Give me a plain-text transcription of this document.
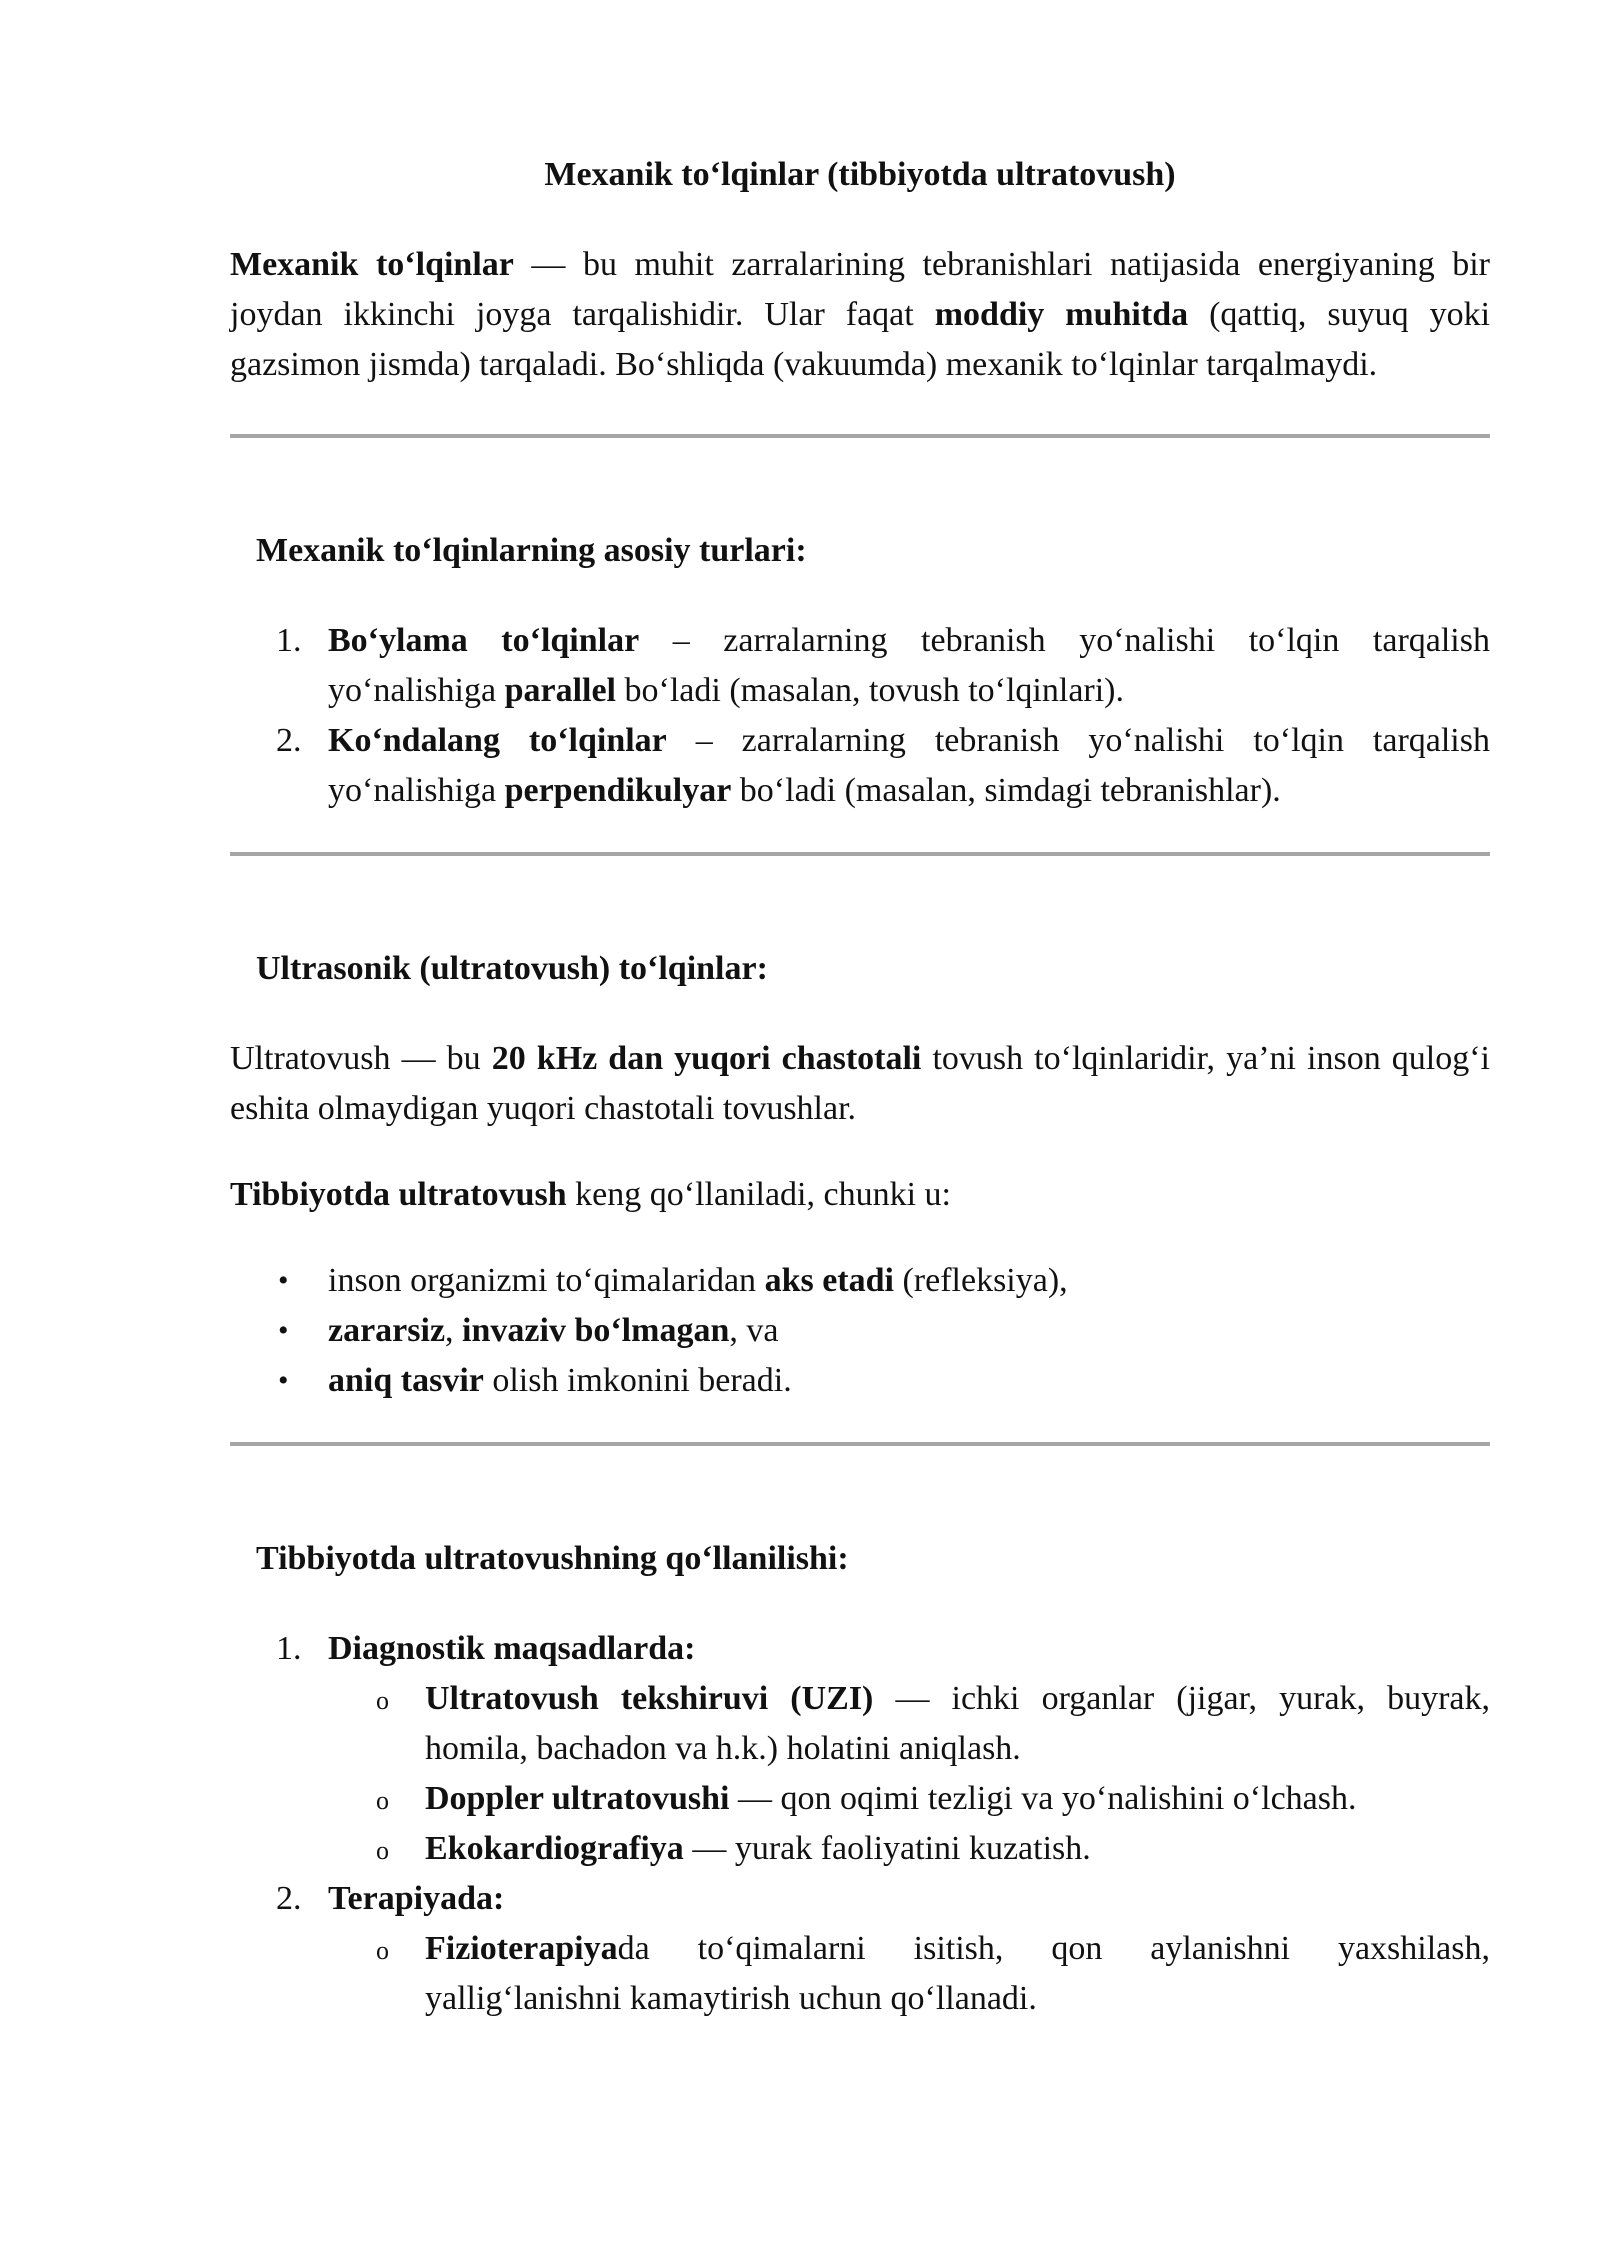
Mexanik to‘lqinlar (tibbiyotda ultratovush)

Mexanik to‘lqinlar — bu muhit zarralarining tebranishlari natijasida energiyaning bir joydan ikkinchi joyga tarqalishidir. Ular faqat moddiy muhitda (qattiq, suyuq yoki gazsimon jismda) tarqaladi. Bo‘shliqda (vakuumda) mexanik to‘lqinlar tarqalmaydi.

Mexanik to‘lqinlarning asosiy turlari:
1. Bo‘ylama to‘lqinlar – zarralarning tebranish yo‘nalishi to‘lqin tarqalish yo‘nalishiga parallel bo‘ladi (masalan, tovush to‘lqinlari).
2. Ko‘ndalang to‘lqinlar – zarralarning tebranish yo‘nalishi to‘lqin tarqalish yo‘nalishiga perpendikulyar bo‘ladi (masalan, simdagi tebranishlar).
Ultrasonik (ultratovush) to‘lqinlar:

Ultratovush — bu 20 kHz dan yuqori chastotali tovush to‘lqinlaridir, ya’ni inson qulog‘i eshita olmaydigan yuqori chastotali tovushlar.

Tibbiyotda ultratovush keng qo‘llaniladi, chunki u:

• inson organizmi to‘qimalaridan aks etadi (refleksiya),
• zararsiz, invaziv bo‘lmagan, va
• aniq tasvir olish imkonini beradi.
Tibbiyotda ultratovushning qo‘llanilishi:
1. Diagnostik maqsadlarda:
o Ultratovush tekshiruvi (UZI) — ichki organlar (jigar, yurak, buyrak, homila, bachadon va h.k.) holatini aniqlash.
o Doppler ultratovushi — qon oqimi tezligi va yo‘nalishini o‘lchash.
o Ekokardiografiya — yurak faoliyatini kuzatish.
2. Terapiyada:
o Fizioterapiyada to‘qimalarni isitish, qon aylanishni yaxshilash, yallig‘lanishni kamaytirish uchun qo‘llanadi.
